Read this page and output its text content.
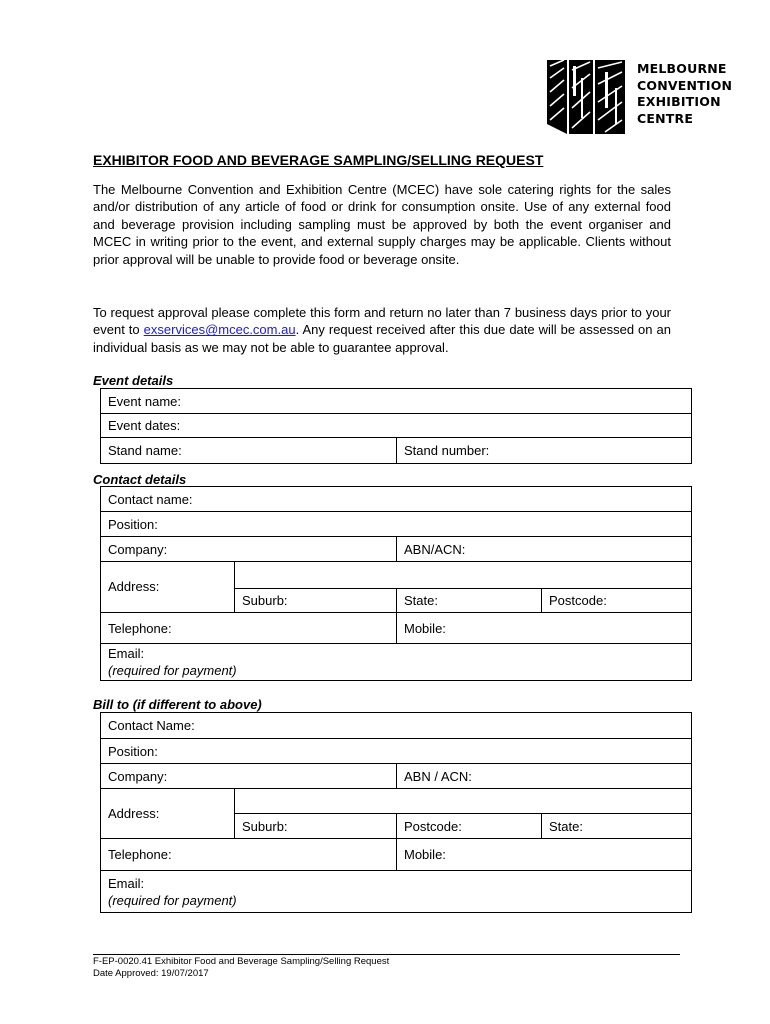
MELBOURNE
CONVENTION
EXHIBITION
CENTRE
EXHIBITOR FOOD AND BEVERAGE SAMPLING/SELLING REQUEST

The Melbourne Convention and Exhibition Centre (MCEC) have sole catering rights for the sales and/or distribution of any article of food or drink for consumption onsite. Use of any external food and beverage provision including sampling must be approved by both the event organiser and MCEC in writing prior to the event, and external supply charges may be applicable. Clients without prior approval will be unable to provide food or beverage onsite.

To request approval please complete this form and return no later than 7 business days prior to your event to exservices@mcec.com.au. Any request received after this due date will be assessed on an individual basis as we may not be able to guarantee approval.

Event details
Event name:
Event dates:
Stand name:	Stand number:
Contact details
Contact name:			
Position:			
Company:		ABN/ACN:	
Address:			
	Suburb:	State:	Postcode:
Telephone:		Mobile:	

Email:
(required for payment)			
Bill to (if different to above)
Contact Name:			
Position:			
Company:		ABN / ACN:	
Address:			
	Suburb:	Postcode:	State:
Telephone:		Mobile:	

Email:
(required for payment)			
F-EP-0020.41 Exhibitor Food and Beverage Sampling/Selling Request
Date Approved: 19/07/2017
